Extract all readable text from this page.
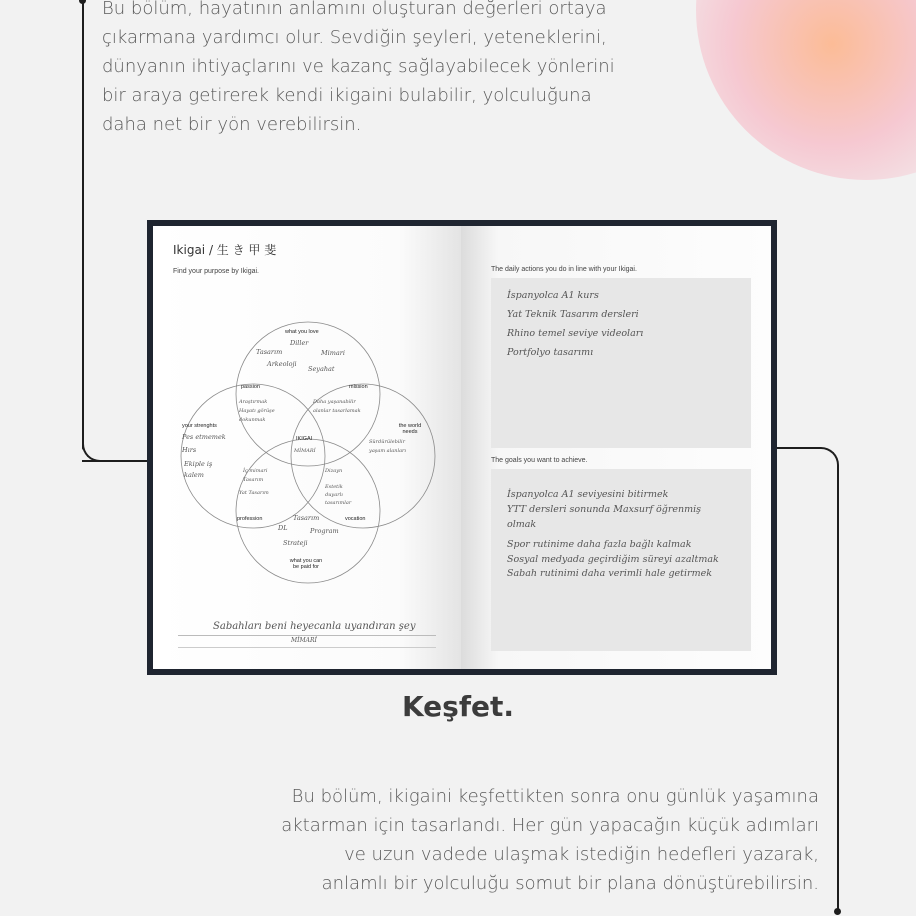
Bu bölüm, hayatının anlamını oluşturan değerleri ortaya çıkarmana yardımcı olur. Sevdiğin şeyleri, yeteneklerini, dünyanın ihtiyaçlarını ve kazanç sağlayabilecek yönlerini bir araya getirerek kendi ikigaini bulabilir, yolculuğuna daha net bir yön verebilirsin.

Ikigai / 生 き 甲 斐
Find your purpose by Ikigai.
what you love
your strenghts	the world needs
what you can be paid for
passion	mission
profession	vocation
IKIGAI
Diller
Tasarım	Mimari
Arkeoloji
Seyahat
Pes etmemek
Hırs
Ekiple iş
kalem
Sürdürülebilir
yaşam alanları
Araştırmak
Hayatı görüşe
dokunmak
Daha yaşanabilir
alanlar tasarlamak
MİMARİ
İç mimari
Tasarım
Yat Tasarım
Dizayn
Estetik
duyarlı
tasarımlar
Tasarım
DL	Program
Strateji
Sabahları beni heyecanla uyandıran şey
MİMARİ
The daily actions you do in line with your Ikigai.
İspanyolca A1 kurs
Yat Teknik Tasarım dersleri
Rhino temel seviye videoları
Portfolyo tasarımı
The goals you want to achieve.
İspanyolca A1 seviyesini bitirmek
YTT dersleri sonunda Maxsurf öğrenmiş
olmak
Spor rutinime daha fazla bağlı kalmak
Sosyal medyada geçirdiğim süreyi azaltmak
Sabah rutinimi daha verimli hale getirmek
Keşfet.

Bu bölüm, ikigaini keşfettikten sonra onu günlük yaşamına aktarman için tasarlandı. Her gün yapacağın küçük adımları ve uzun vadede ulaşmak istediğin hedefleri yazarak, anlamlı bir yolculuğu somut bir plana dönüştürebilirsin.
